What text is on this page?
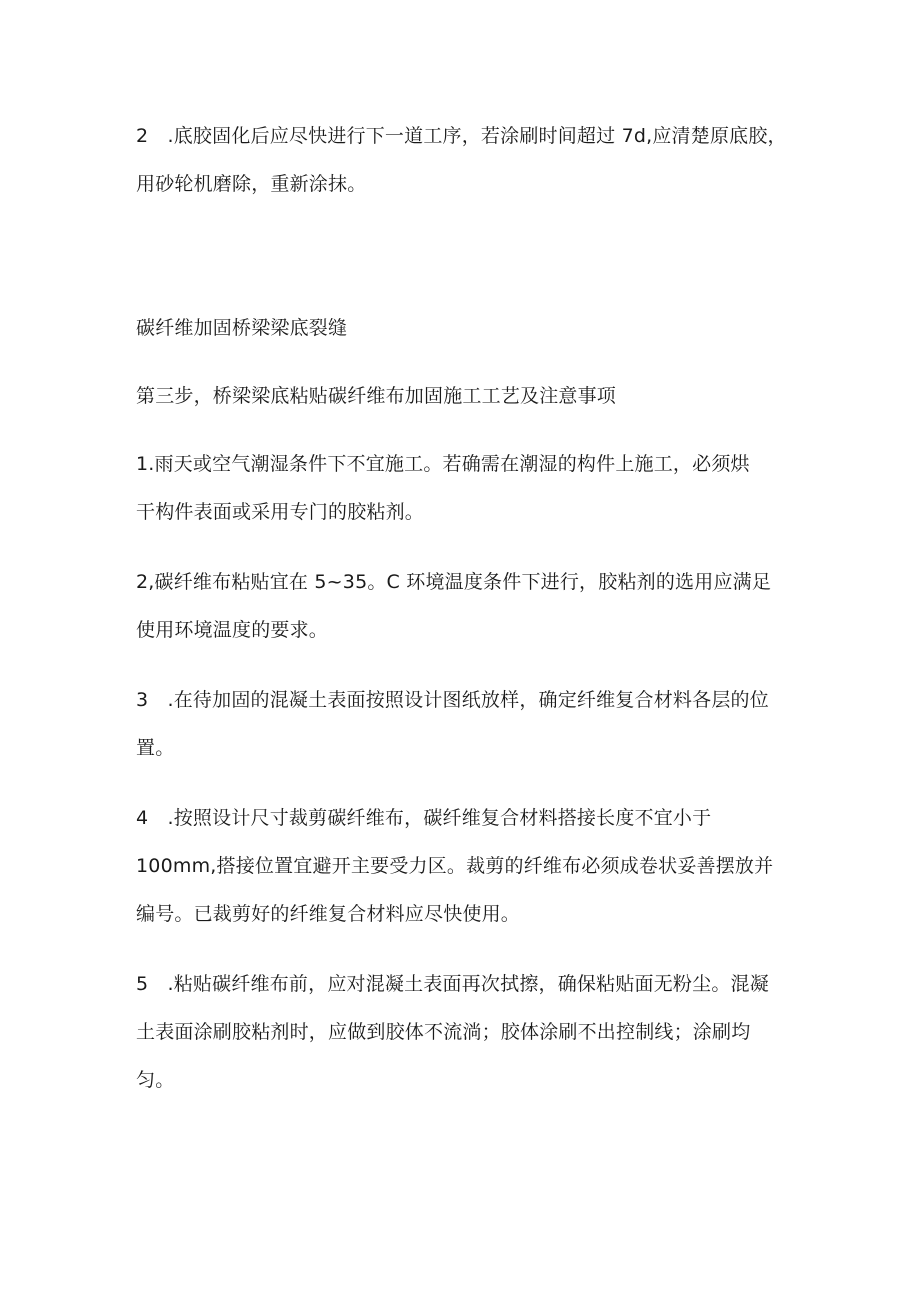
2　.底胶固化后应尽快进行下一道工序，若涂刷时间超过 7d,应清楚原底胶，
用砂轮机磨除，重新涂抹。

碳纤维加固桥梁梁底裂缝

第三步，桥梁梁底粘贴碳纤维布加固施工工艺及注意事项

1.雨天或空气潮湿条件下不宜施工。若确需在潮湿的构件上施工，必须烘
干构件表面或采用专门的胶粘剂。

2,碳纤维布粘贴宜在 5~35。C 环境温度条件下进行，胶粘剂的选用应满足
使用环境温度的要求。

3　.在待加固的混凝土表面按照设计图纸放样，确定纤维复合材料各层的位
置。

4　.按照设计尺寸裁剪碳纤维布，碳纤维复合材料搭接长度不宜小于
100mm,搭接位置宜避开主要受力区。裁剪的纤维布必须成卷状妥善摆放并
编号。已裁剪好的纤维复合材料应尽快使用。

5　.粘贴碳纤维布前，应对混凝土表面再次拭擦，确保粘贴面无粉尘。混凝
土表面涂刷胶粘剂时，应做到胶体不流淌；胶体涂刷不出控制线；涂刷均
匀。
